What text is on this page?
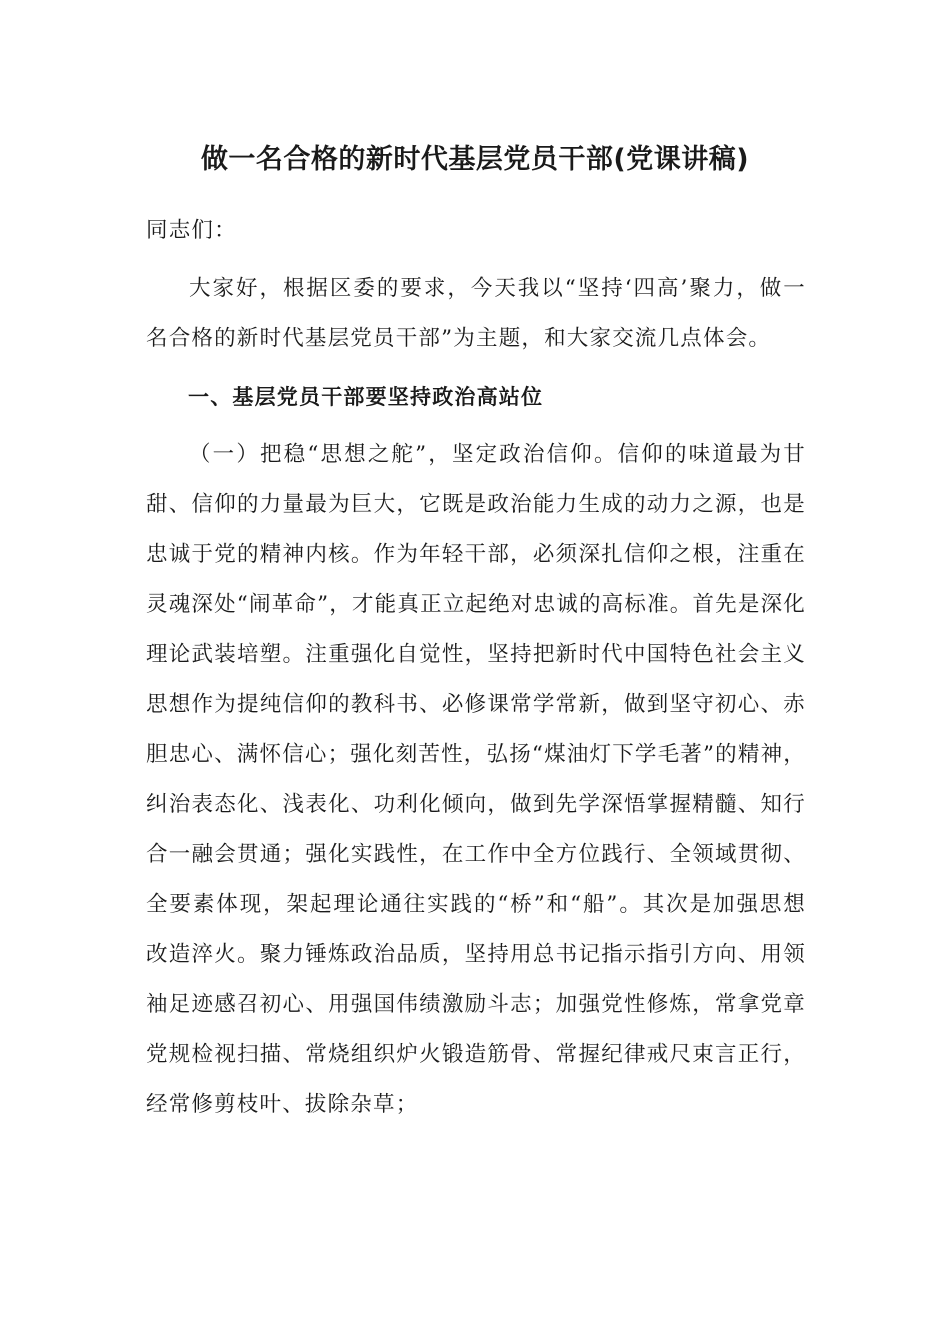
做一名合格的新时代基层党员干部(党课讲稿)

同志们：

大家好，根据区委的要求，今天我以“坚持‘四高’聚力，做一名合格的新时代基层党员干部”为主题，和大家交流几点体会。

一、基层党员干部要坚持政治高站位

（一）把稳“思想之舵”，坚定政治信仰。信仰的味道最为甘甜、信仰的力量最为巨大，它既是政治能力生成的动力之源，也是忠诚于党的精神内核。作为年轻干部，必须深扎信仰之根，注重在灵魂深处“闹革命”，才能真正立起绝对忠诚的高标准。首先是深化理论武装培塑。注重强化自觉性，坚持把新时代中国特色社会主义思想作为提纯信仰的教科书、必修课常学常新，做到坚守初心、赤胆忠心、满怀信心；强化刻苦性，弘扬“煤油灯下学毛著”的精神，纠治表态化、浅表化、功利化倾向，做到先学深悟掌握精髓、知行合一融会贯通；强化实践性，在工作中全方位践行、全领域贯彻、全要素体现，架起理论通往实践的“桥”和“船”。其次是加强思想改造淬火。聚力锤炼政治品质，坚持用总书记指示指引方向、用领袖足迹感召初心、用强国伟绩激励斗志；加强党性修炼，常拿党章党规检视扫描、常烧组织炉火锻造筋骨、常握纪律戒尺束言正行，经常修剪枝叶、拔除杂草；
